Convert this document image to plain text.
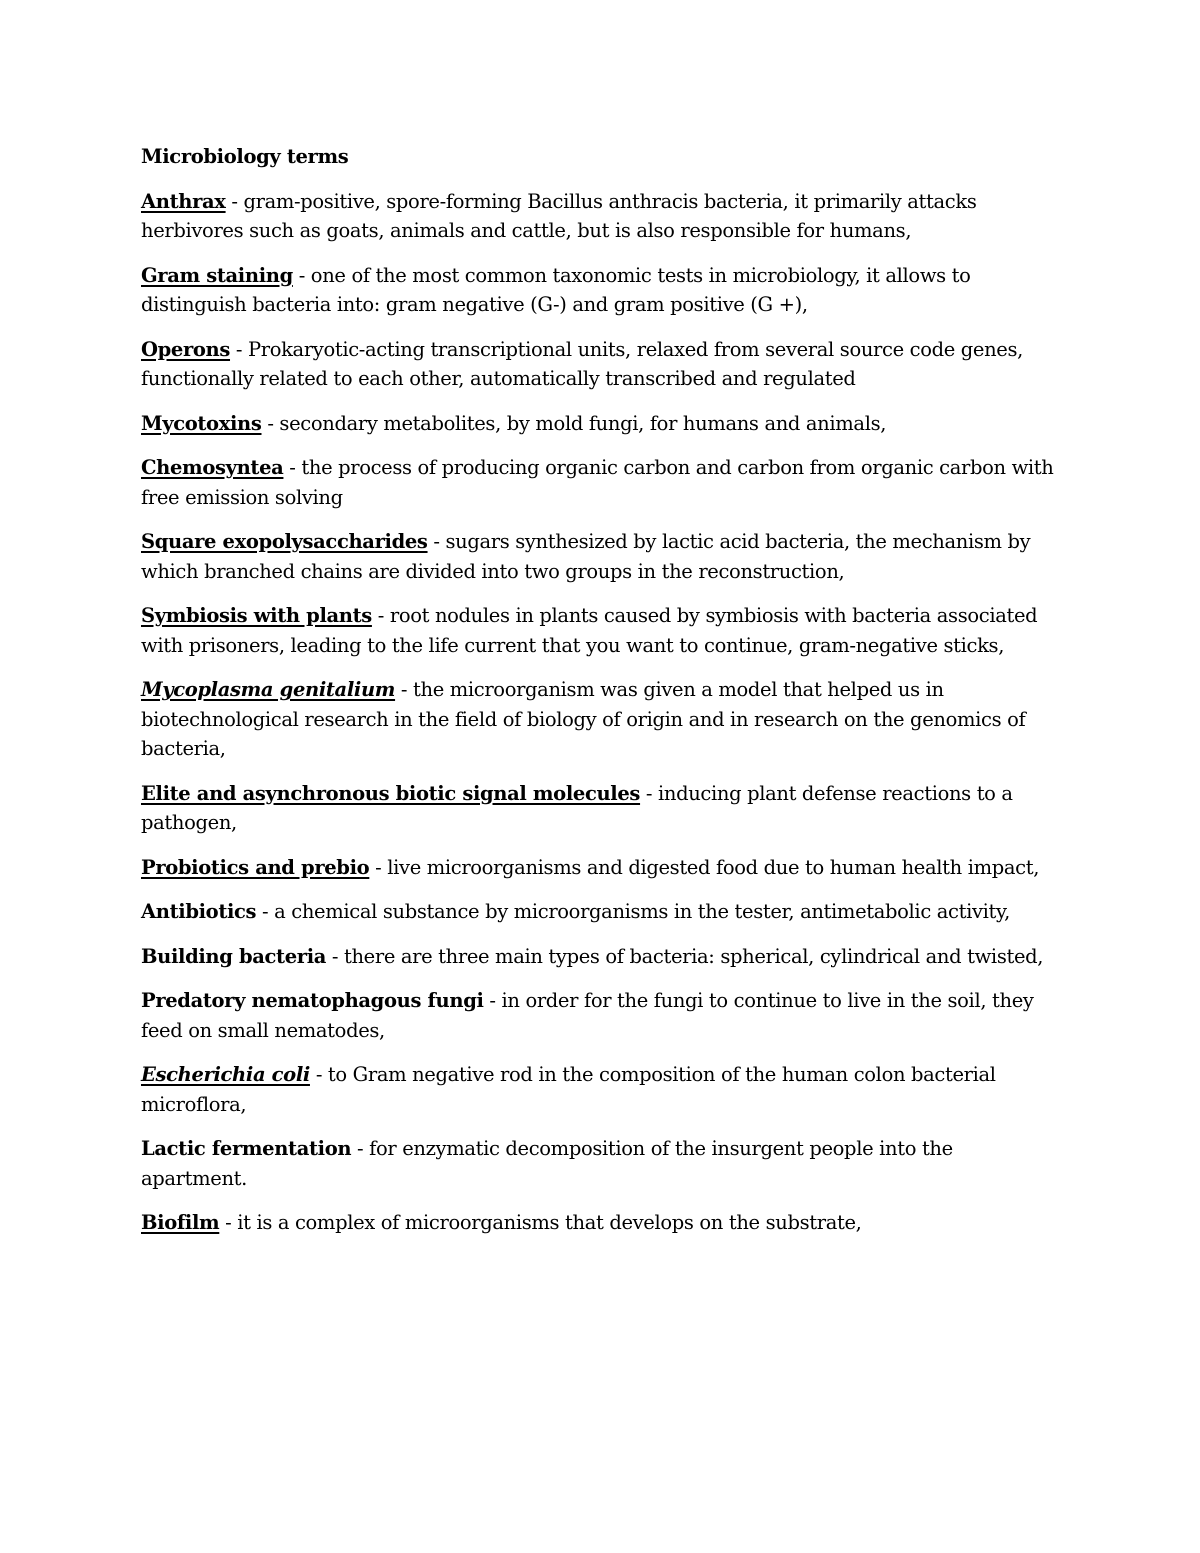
Microbiology terms
Anthrax - gram-positive, spore-forming Bacillus anthracis bacteria, it primarily attacks herbivores such as goats, animals and cattle, but is also responsible for humans,
Gram staining - one of the most common taxonomic tests in microbiology, it allows to distinguish bacteria into: gram negative (G-) and gram positive (G +),
Operons - Prokaryotic-acting transcriptional units, relaxed from several source code genes, functionally related to each other, automatically transcribed and regulated
Mycotoxins - secondary metabolites, by mold fungi, for humans and animals,
Chemosyntea - the process of producing organic carbon and carbon from organic carbon with free emission solving
Square exopolysaccharides - sugars synthesized by lactic acid bacteria, the mechanism by which branched chains are divided into two groups in the reconstruction,
Symbiosis with plants - root nodules in plants caused by symbiosis with bacteria associated with prisoners, leading to the life current that you want to continue, gram-negative sticks,
Mycoplasma genitalium - the microorganism was given a model that helped us in biotechnological research in the field of biology of origin and in research on the genomics of bacteria,
Elite and asynchronous biotic signal molecules - inducing plant defense reactions to a pathogen,
Probiotics and prebio - live microorganisms and digested food due to human health impact,
Antibiotics - a chemical substance by microorganisms in the tester, antimetabolic activity,
Building bacteria - there are three main types of bacteria: spherical, cylindrical and twisted,
Predatory nematophagous fungi - in order for the fungi to continue to live in the soil, they feed on small nematodes,
Escherichia coli - to Gram negative rod in the composition of the human colon bacterial microflora,
Lactic fermentation - for enzymatic decomposition of the insurgent people into the apartment.
Biofilm - it is a complex of microorganisms that develops on the substrate,
